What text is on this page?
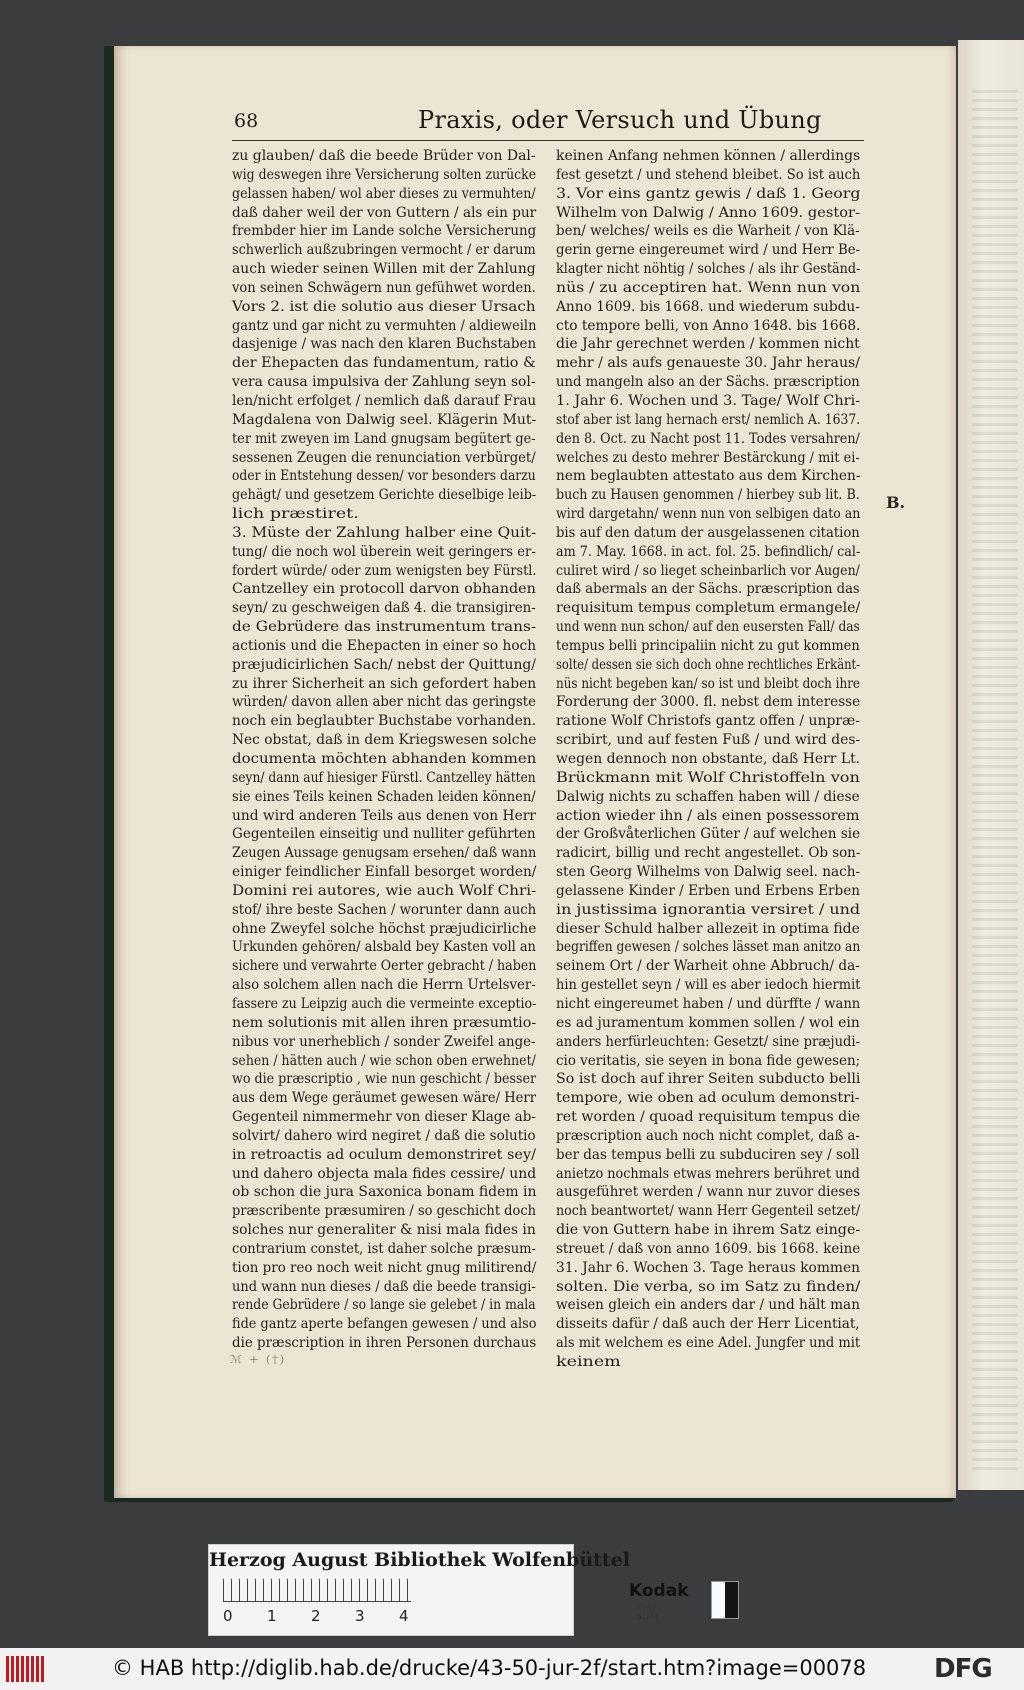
68	Praxis, oder Versuch und Übung
zu glauben/ daß die beede Brüder von Dal-
wig deswegen ihre Versicherung solten zurücke
gelassen haben/ wol aber dieses zu vermuhten/
daß daher weil der von Guttern / als ein pur
frembder hier im Lande solche Versicherung
schwerlich außzubringen vermocht / er darum
auch wieder seinen Willen mit der Zahlung
von seinen Schwägern nun gefühwet worden.
Vors 2. ist die solutio aus dieser Ursach
gantz und gar nicht zu vermuhten / aldieweiln
dasjenige / was nach den klaren Buchstaben
der Ehepacten das fundamentum, ratio &
vera causa impulsiva der Zahlung seyn sol-
len/nicht erfolget / nemlich daß darauf Frau
Magdalena von Dalwig seel. Klägerin Mut-
ter mit zweyen im Land gnugsam begütert ge-
sessenen Zeugen die renunciation verbürget/
oder in Entstehung dessen/ vor besonders darzu
gehägt/ und gesetzem Gerichte dieselbige leib-
lich præstiret.
3. Müste der Zahlung halber eine Quit-
tung/ die noch wol überein weit geringers er-
fordert würde/ oder zum wenigsten bey Fürstl.
Cantzelley ein protocoll darvon obhanden
seyn/ zu geschweigen daß 4. die transigiren-
de Gebrüdere das instrumentum trans-
actionis und die Ehepacten in einer so hoch
præjudicirlichen Sach/ nebst der Quittung/
zu ihrer Sicherheit an sich gefordert haben
würden/ davon allen aber nicht das geringste
noch ein beglaubter Buchstabe vorhanden.
Nec obstat, daß in dem Kriegswesen solche
documenta möchten abhanden kommen
seyn/ dann auf hiesiger Fürstl. Cantzelley hätten
sie eines Teils keinen Schaden leiden können/
und wird anderen Teils aus denen von Herr
Gegenteilen einseitig und nulliter geführten
Zeugen Aussage genugsam ersehen/ daß wann
einiger feindlicher Einfall besorget worden/
Domini rei autores, wie auch Wolf Chri-
stof/ ihre beste Sachen / worunter dann auch
ohne Zweyfel solche höchst præjudicirliche
Urkunden gehören/ alsbald bey Kasten voll an
sichere und verwahrte Oerter gebracht / haben
also solchem allen nach die Herrn Urtelsver-
fassere zu Leipzig auch die vermeinte exceptio-
nem solutionis mit allen ihren præsumtio-
nibus vor unerheblich / sonder Zweifel ange-
sehen / hätten auch / wie schon oben erwehnet/
wo die præscriptio , wie nun geschicht / besser
aus dem Wege geräumet gewesen wäre/ Herr
Gegenteil nimmermehr von dieser Klage ab-
solvirt/ dahero wird negiret / daß die solutio
in retroactis ad oculum demonstriret sey/
und dahero objecta mala fides cessire/ und
ob schon die jura Saxonica bonam fidem in
præscribente præsumiren / so geschicht doch
solches nur generaliter & nisi mala fides in
contrarium constet, ist daher solche præsum-
tion pro reo noch weit nicht gnug militirend/
und wann nun dieses / daß die beede transigi-
rende Gebrüdere / so lange sie gelebet / in mala
fide gantz aperte befangen gewesen / und also
die præscription in ihren Personen durchaus
keinen Anfang nehmen können / allerdings
fest gesetzt / und stehend bleibet. So ist auch
3. Vor eins gantz gewis / daß 1. Georg
Wilhelm von Dalwig / Anno 1609. gestor-
ben/ welches/ weils es die Warheit / von Klä-
gerin gerne eingereumet wird / und Herr Be-
klagter nicht nöhtig / solches / als ihr Geständ-
nüs / zu acceptiren hat. Wenn nun von
Anno 1609. bis 1668. und wiederum subdu-
cto tempore belli, von Anno 1648. bis 1668.
die Jahr gerechnet werden / kommen nicht
mehr / als aufs genaueste 30. Jahr heraus/
und mangeln also an der Sächs. præscription
1. Jahr 6. Wochen und 3. Tage/ Wolf Chri-
stof aber ist lang hernach erst/ nemlich A. 1637.
den 8. Oct. zu Nacht post 11. Todes versahren/
welches zu desto mehrer Bestärckung / mit ei-
nem beglaubten attestato aus dem Kirchen-
buch zu Hausen genommen / hierbey sub lit. B.
wird dargetahn/ wenn nun von selbigen dato an
bis auf den datum der ausgelassenen citation
am 7. May. 1668. in act. fol. 25. befindlich/ cal-
culiret wird / so lieget scheinbarlich vor Augen/
daß abermals an der Sächs. præscription das
requisitum tempus completum ermangele/
und wenn nun schon/ auf den eusersten Fall/ das
tempus belli principaliin nicht zu gut kommen
solte/ dessen sie sich doch ohne rechtliches Erkänt-
nüs nicht begeben kan/ so ist und bleibt doch ihre
Forderung der 3000. fl. nebst dem interesse
ratione Wolf Christofs gantz offen / unpræ-
scribirt, und auf festen Fuß / und wird des-
wegen dennoch non obstante, daß Herr Lt.
Brückmann mit Wolf Christoffeln von
Dalwig nichts zu schaffen haben will / diese
action wieder ihn / als einen possessorem
der Großvåterlichen Güter / auf welchen sie
radicirt, billig und recht angestellet. Ob son-
sten Georg Wilhelms von Dalwig seel. nach-
gelassene Kinder / Erben und Erbens Erben
in justissima ignorantia versiret / und
dieser Schuld halber allezeit in optima fide
begriffen gewesen / solches lässet man anitzo an
seinem Ort / der Warheit ohne Abbruch/ da-
hin gestellet seyn / will es aber iedoch hiermit
nicht eingereumet haben / und dürffte / wann
es ad juramentum kommen sollen / wol ein
anders herfürleuchten: Gesetzt/ sine præjudi-
cio veritatis, sie seyen in bona fide gewesen;
So ist doch auf ihrer Seiten subducto belli
tempore, wie oben ad oculum demonstri-
ret worden / quoad requisitum tempus die
præscription auch noch nicht complet, daß a-
ber das tempus belli zu subduciren sey / soll
anietzo nochmals etwas mehrers berühret und
ausgeführet werden / wann nur zuvor dieses
noch beantwortet/ wann Herr Gegenteil setzet/
die von Guttern habe in ihrem Satz einge-
streuet / daß von anno 1609. bis 1668. keine
31. Jahr 6. Wochen 3. Tage heraus kommen
solten. Die verba, so im Satz zu finden/
weisen gleich ein anders dar / und hält man
disseits dafür / daß auch der Herr Licentiat,
als mit welchem es eine Adel. Jungfer und mit
keinem
B.
ℳ + (†)
Herzog August Bibliothek Wolfenbüttel
0 1 2 3 4
Kodak
Gray Scale
© HAB http://diglib.hab.de/drucke/43-50-jur-2f/start.htm?image=00078	DFG
